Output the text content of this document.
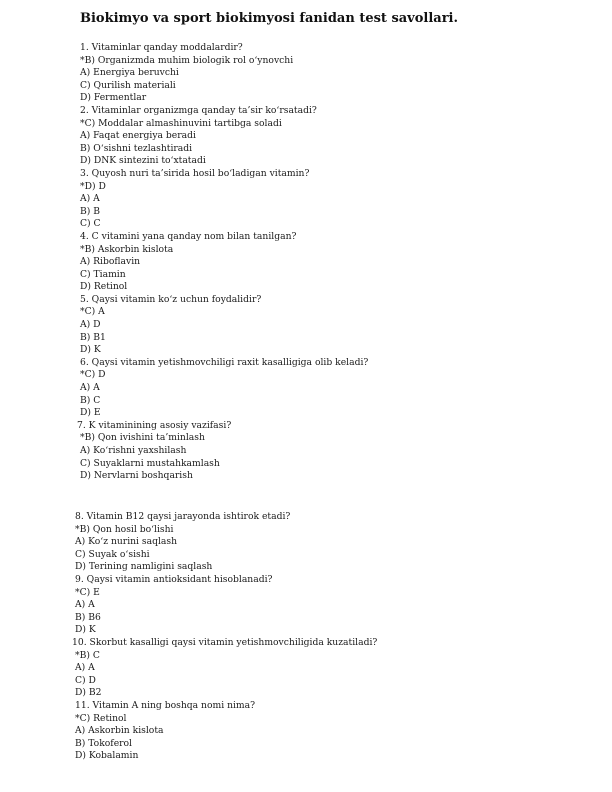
Biokimyo va sport biokimyosi fanidan test savollari.
1. Vitaminlar qanday moddalardir?
*B) Organizmda muhim biologik rol o‘ynovchi
A) Energiya beruvchi
C) Qurilish materiali
D) Fermentlar
2. Vitaminlar organizmga qanday ta’sir ko‘rsatadi?
*C) Moddalar almashinuvini tartibga soladi
A) Faqat energiya beradi
B) O‘sishni tezlashtiradi
D) DNK sintezini to‘xtatadi
3. Quyosh nuri ta’sirida hosil bo‘ladigan vitamin?
*D) D
A) A
B) B
C) C
4. C vitamini yana qanday nom bilan tanilgan?
*B) Askorbin kislota
A) Riboflavin
C) Tiamin
D) Retinol
5. Qaysi vitamin ko‘z uchun foydalidir?
*C) A
A) D
B) B1
D) K
6. Qaysi vitamin yetishmovchiligi raxit kasalligiga olib keladi?
*C) D
A) A
B) C
D) E
7. K vitaminining asosiy vazifasi?
*B) Qon ivishini ta’minlash
A) Ko‘rishni yaxshilash
C) Suyaklarni mustahkamlash
D) Nervlarni boshqarish
8. Vitamin B12 qaysi jarayonda ishtirok etadi?
*B) Qon hosil bo‘lishi
A) Ko‘z nurini saqlash
C) Suyak o‘sishi
D) Terining namligini saqlash
9. Qaysi vitamin antioksidant hisoblanadi?
*C) E
A) A
B) B6
D) K
10. Skorbut kasalligi qaysi vitamin yetishmovchiligida kuzatiladi?
*B) C
A) A
C) D
D) B2
11. Vitamin A ning boshqa nomi nima?
*C) Retinol
A) Askorbin kislota
B) Tokoferol
D) Kobalamin
